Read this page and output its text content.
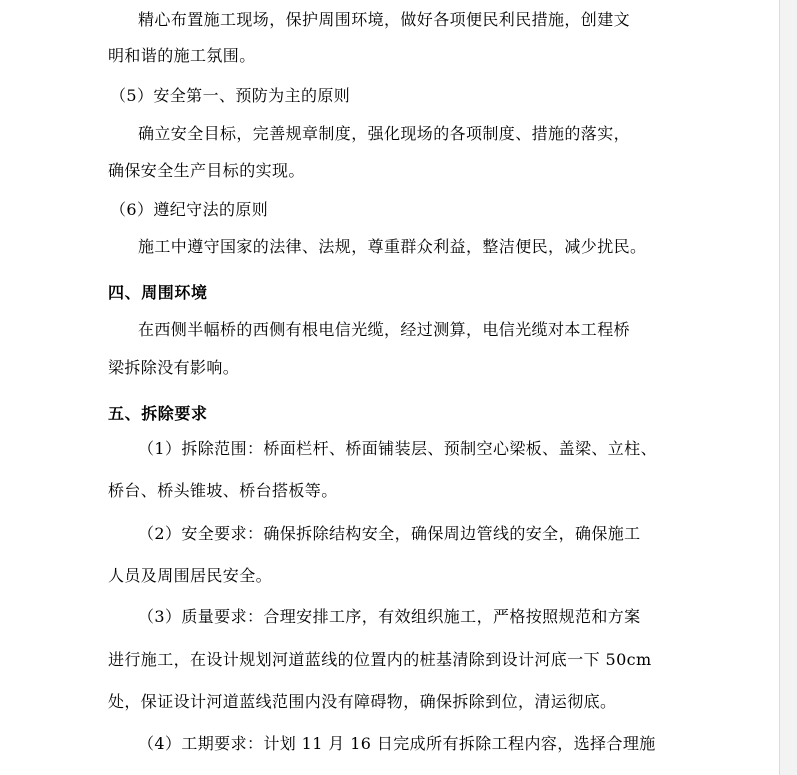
精心布置施工现场，保护周围环境，做好各项便民利民措施，创建文
明和谐的施工氛围。
（5）安全第一、预防为主的原则
确立安全目标，完善规章制度，强化现场的各项制度、措施的落实，
确保安全生产目标的实现。
（6）遵纪守法的原则
施工中遵守国家的法律、法规，尊重群众利益，整洁便民，减少扰民。
四、周围环境
在西侧半幅桥的西侧有根电信光缆，经过测算，电信光缆对本工程桥
梁拆除没有影响。
五、拆除要求
（1）拆除范围：桥面栏杆、桥面铺装层、预制空心梁板、盖梁、立柱、
桥台、桥头锥坡、桥台搭板等。
（2）安全要求：确保拆除结构安全，确保周边管线的安全，确保施工
人员及周围居民安全。
（3）质量要求：合理安排工序，有效组织施工，严格按照规范和方案
进行施工，在设计规划河道蓝线的位置内的桩基清除到设计河底一下 50cm
处，保证设计河道蓝线范围内没有障碍物，确保拆除到位，清运彻底。
（4）工期要求：计划 11 月 16 日完成所有拆除工程内容，选择合理施
